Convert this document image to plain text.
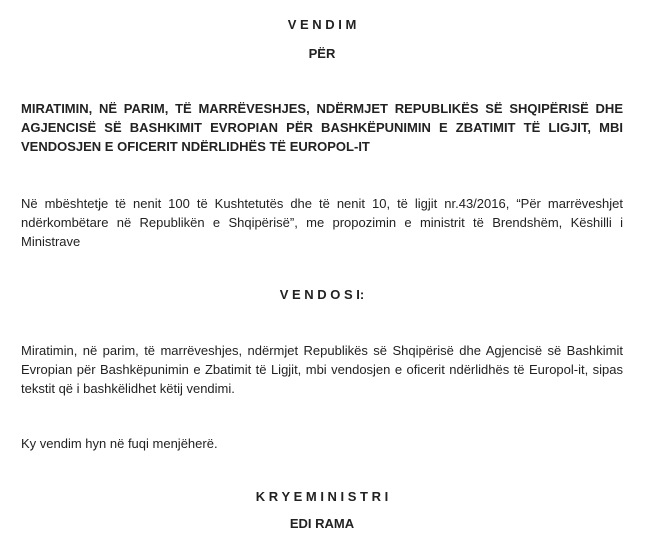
V E N D I M

PËR

MIRATIMIN, NË PARIM, TË MARRËVESHJES, NDËRMJET REPUBLIKËS SË SHQIPËRISË DHE AGJENCISË SË BASHKIMIT EVROPIAN PËR BASHKËPUNIMIN E ZBATIMIT TË LIGJIT, MBI VENDOSJEN E OFICERIT NDËRLIDHËS TË EUROPOL-IT

Në mbështetje të nenit 100 të Kushtetutës dhe të nenit 10, të ligjit nr.43/2016, “Për marrëveshjet ndërkombëtare në Republikën e Shqipërisë”, me propozimin e ministrit të Brendshëm, Këshilli i Ministrave

V E N D O S I:

Miratimin, në parim, të marrëveshjes, ndërmjet Republikës së Shqipërisë dhe Agjencisë së Bashkimit Evropian për Bashkëpunimin e Zbatimit të Ligjit, mbi vendosjen e oficerit ndërlidhës të Europol-it, sipas tekstit që i bashkëlidhet këtij vendimi.

Ky vendim hyn në fuqi menjëherë.

K R Y E M I N I S T R I

EDI RAMA
